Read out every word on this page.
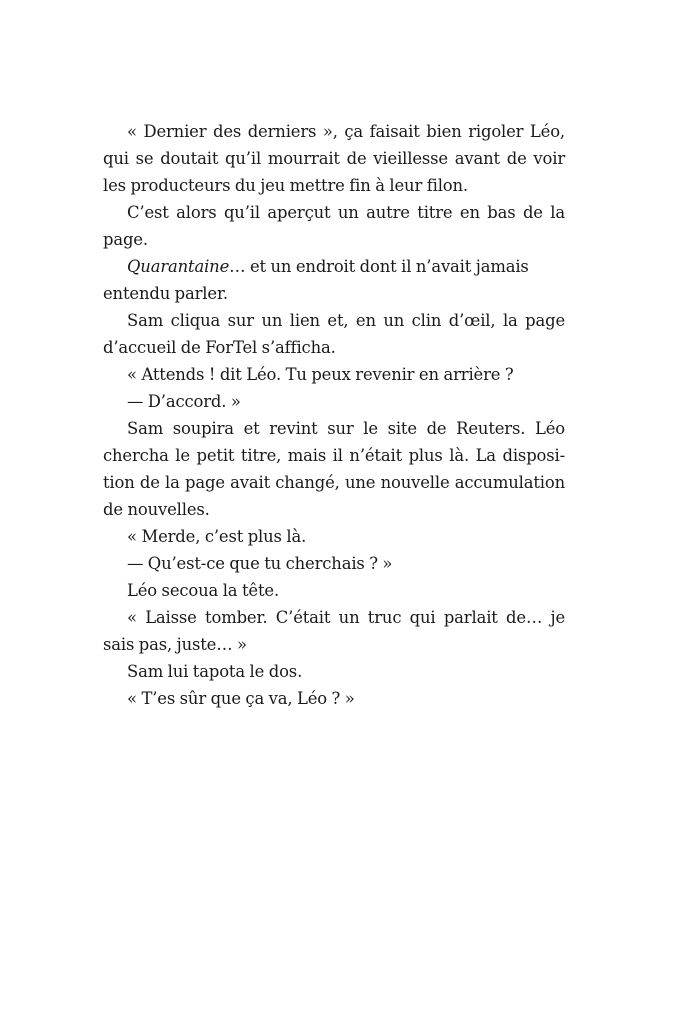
« Dernier des derniers », ça faisait bien rigoler Léo,
qui se doutait qu’il mourrait de vieillesse avant de voir
les producteurs du jeu mettre fin à leur filon.
C’est alors qu’il aperçut un autre titre en bas de la
page.
Quarantaine… et un endroit dont il n’avait jamais
entendu parler.
Sam cliqua sur un lien et, en un clin d’œil, la page
d’accueil de ForTel s’afficha.
« Attends ! dit Léo. Tu peux revenir en arrière ?
— D’accord. »
Sam soupira et revint sur le site de Reuters. Léo
chercha le petit titre, mais il n’était plus là. La disposi-
tion de la page avait changé, une nouvelle accumulation
de nouvelles.
« Merde, c’est plus là.
— Qu’est-ce que tu cherchais ? »
Léo secoua la tête.
« Laisse tomber. C’était un truc qui parlait de… je
sais pas, juste… »
Sam lui tapota le dos.
« T’es sûr que ça va, Léo ? »
